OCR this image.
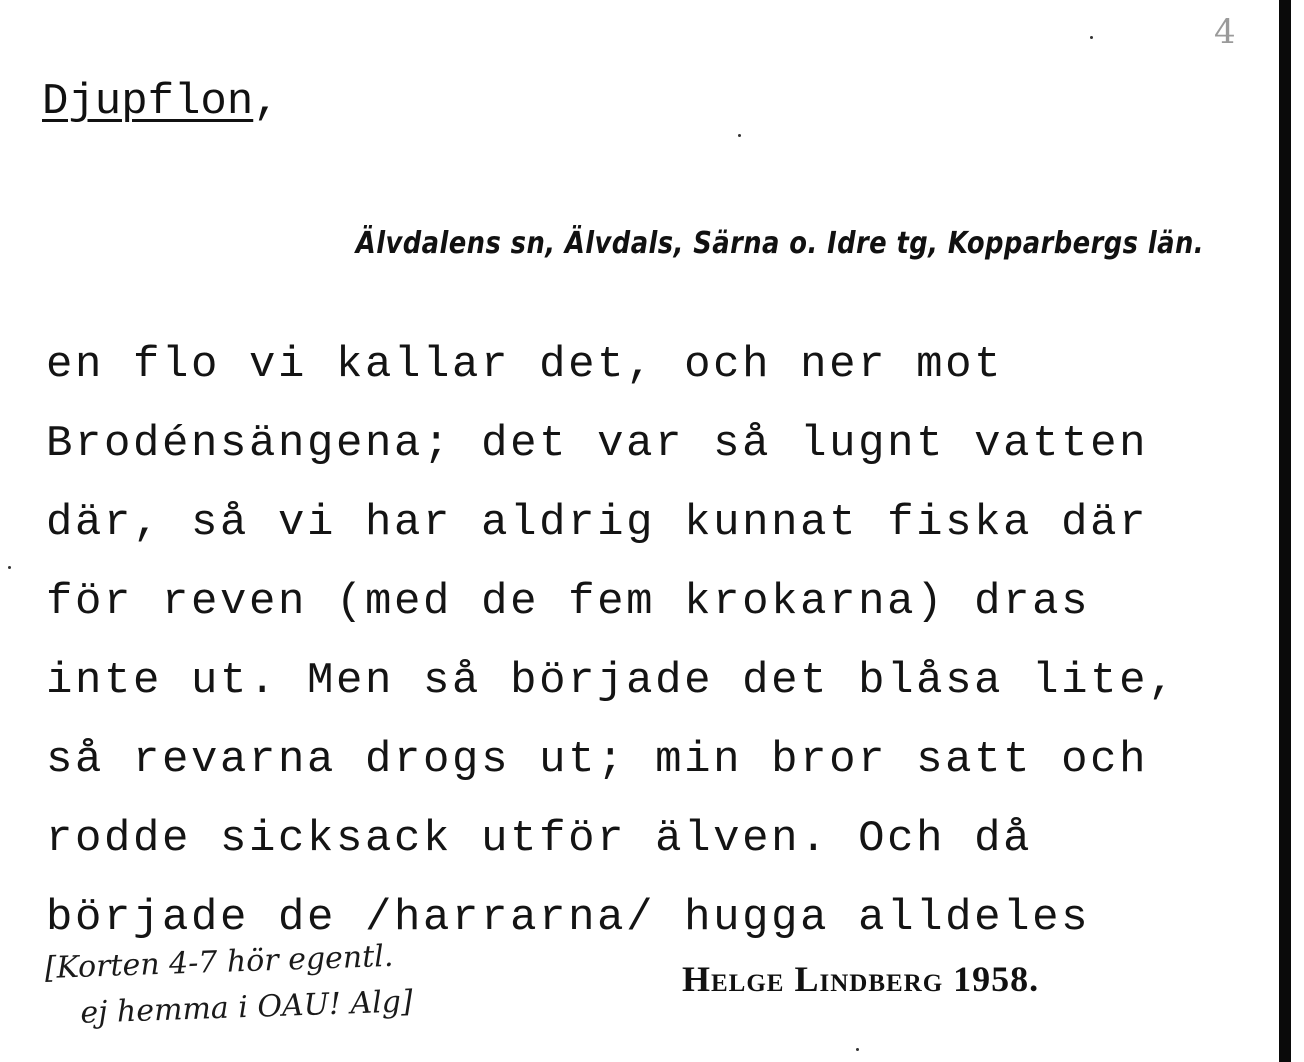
4
Djupflon,
Älvdalens sn, Älvdals, Särna o. Idre tg, Kopparbergs län.
en flo vi kallar det, och ner mot
Brodénsängena; det var så lugnt vatten
där, så vi har aldrig kunnat fiska där
för reven (med de fem krokarna) dras
inte ut. Men så började det blåsa lite,
så revarna drogs ut; min bror satt och
rodde sicksack utför älven. Och då
började de /harrarna/ hugga alldeles
[Korten 4-7 hör egentl.
ej hemma i OAU! Alg]
Helge Lindberg 1958.
